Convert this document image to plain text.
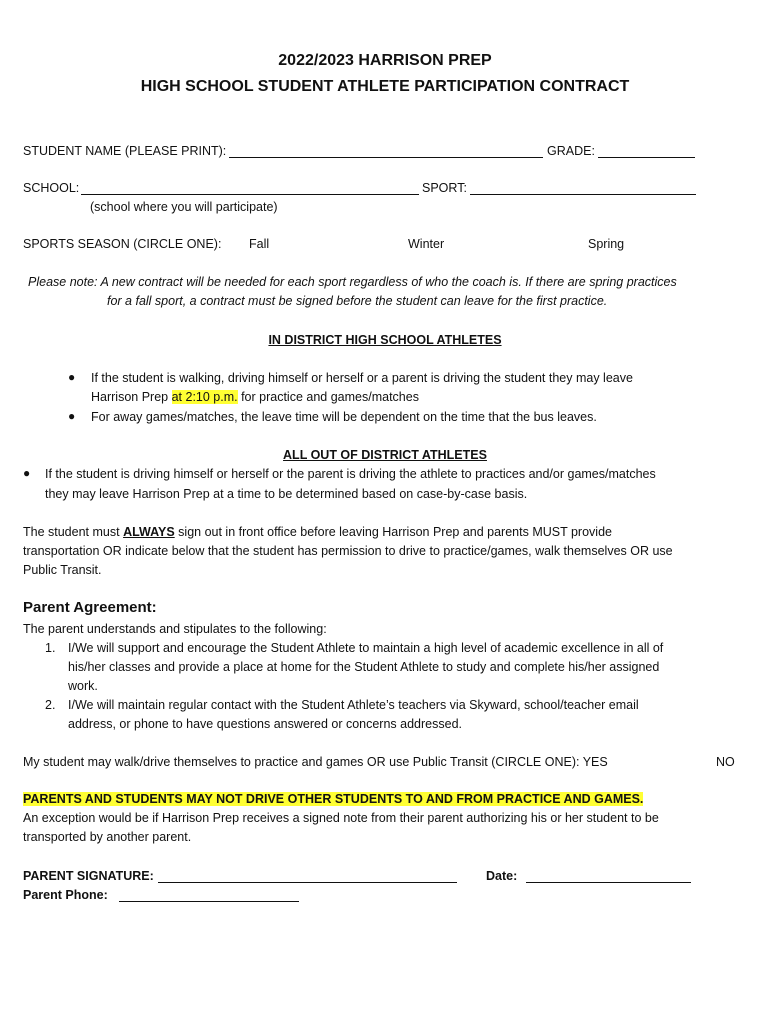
2022/2023 HARRISON PREP
HIGH SCHOOL STUDENT ATHLETE PARTICIPATION CONTRACT
STUDENT NAME (PLEASE PRINT):	GRADE:
SCHOOL:	SPORT:
(school where you will participate)
SPORTS SEASON (CIRCLE ONE): Fall	Winter	Spring
Please note: A new contract will be needed for each sport regardless of who the coach is. If there are spring practices
for a fall sport, a contract must be signed before the student can leave for the first practice.
IN DISTRICT HIGH SCHOOL ATHLETES
● If the student is walking, driving himself or herself or a parent is driving the student they may leave
Harrison Prep at 2:10 p.m. for practice and games/matches
● For away games/matches, the leave time will be dependent on the time that the bus leaves.
ALL OUT OF DISTRICT ATHLETES
● If the student is driving himself or herself or the parent is driving the athlete to practices and/or games/matches
they may leave Harrison Prep at a time to be determined based on case-by-case basis.
The student must ALWAYS sign out in front office before leaving Harrison Prep and parents MUST provide
transportation OR indicate below that the student has permission to drive to practice/games, walk themselves OR use
Public Transit.
Parent Agreement:
The parent understands and stipulates to the following:
1. I/We will support and encourage the Student Athlete to maintain a high level of academic excellence in all of
his/her classes and provide a place at home for the Student Athlete to study and complete his/her assigned
work.
2. I/We will maintain regular contact with the Student Athlete’s teachers via Skyward, school/teacher email
address, or phone to have questions answered or concerns addressed.
My student may walk/drive themselves to practice and games OR use Public Transit (CIRCLE ONE): YES	NO
PARENTS AND STUDENTS MAY NOT DRIVE OTHER STUDENTS TO AND FROM PRACTICE AND GAMES.
An exception would be if Harrison Prep receives a signed note from their parent authorizing his or her student to be
transported by another parent.
PARENT SIGNATURE:	Date:
Parent Phone:
